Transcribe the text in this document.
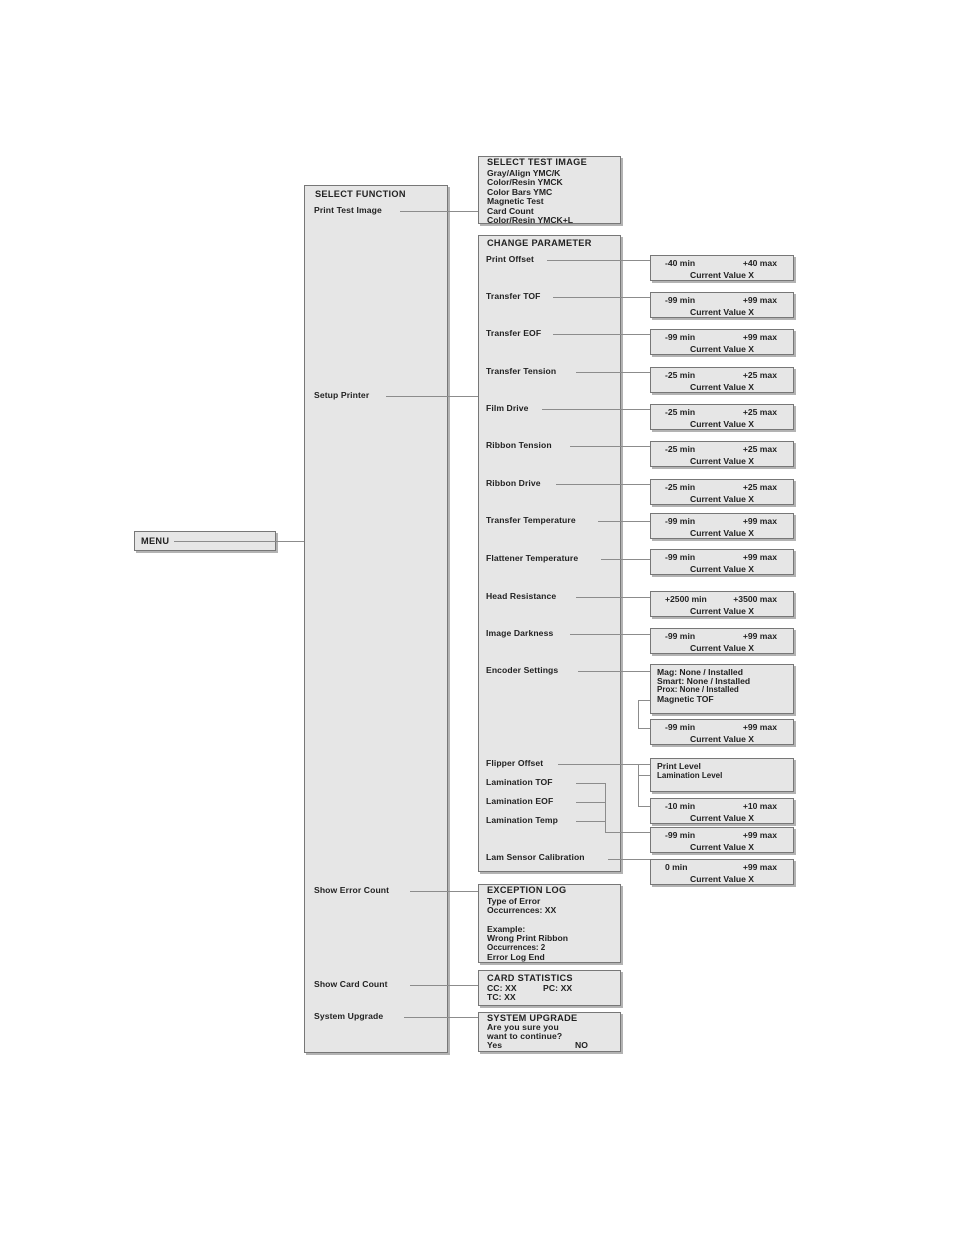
MENU
SELECT FUNCTION
Print Test Image
Setup Printer
Show Error Count
Show Card Count
System Upgrade
SELECT TEST IMAGE
Gray/Align YMC/K
Color/Resin YMCK
Color Bars YMC
Magnetic Test
Card Count
Color/Resin YMCK+L
CHANGE PARAMETER
Print Offset
Transfer TOF
Transfer EOF
Transfer Tension
Film Drive
Ribbon Tension
Ribbon Drive
Transfer Temperature
Flattener Temperature
Head Resistance
Image Darkness
Encoder Settings
Flipper Offset
Lamination TOF
Lamination EOF
Lamination Temp
Lam Sensor Calibration
-40 min	+40 max
Current Value X
-99 min	+99 max
Current Value X
-99 min	+99 max
Current Value X
-25 min	+25 max
Current Value X
-25 min	+25 max
Current Value X
-25 min	+25 max
Current Value X
-25 min	+25 max
Current Value X
-99 min	+99 max
Current Value X
-99 min	+99 max
Current Value X
+2500 min	+3500 max
Current Value X
-99 min	+99 max
Current Value X
Mag: None / Installed
Smart: None / Installed
Prox: None / Installed
Magnetic TOF
-99 min	+99 max
Current Value X
Print Level
Lamination Level
-10 min	+10 max
Current Value X
-99 min	+99 max
Current Value X
0 min	+99 max
Current Value X
EXCEPTION LOG
Type of Error
Occurrences: XX
Example:
Wrong Print Ribbon
Occurrences: 2
Error Log End
CARD STATISTICS
CC: XX	PC: XX
TC: XX
SYSTEM UPGRADE
Are you sure you
want to continue?
Yes	NO
